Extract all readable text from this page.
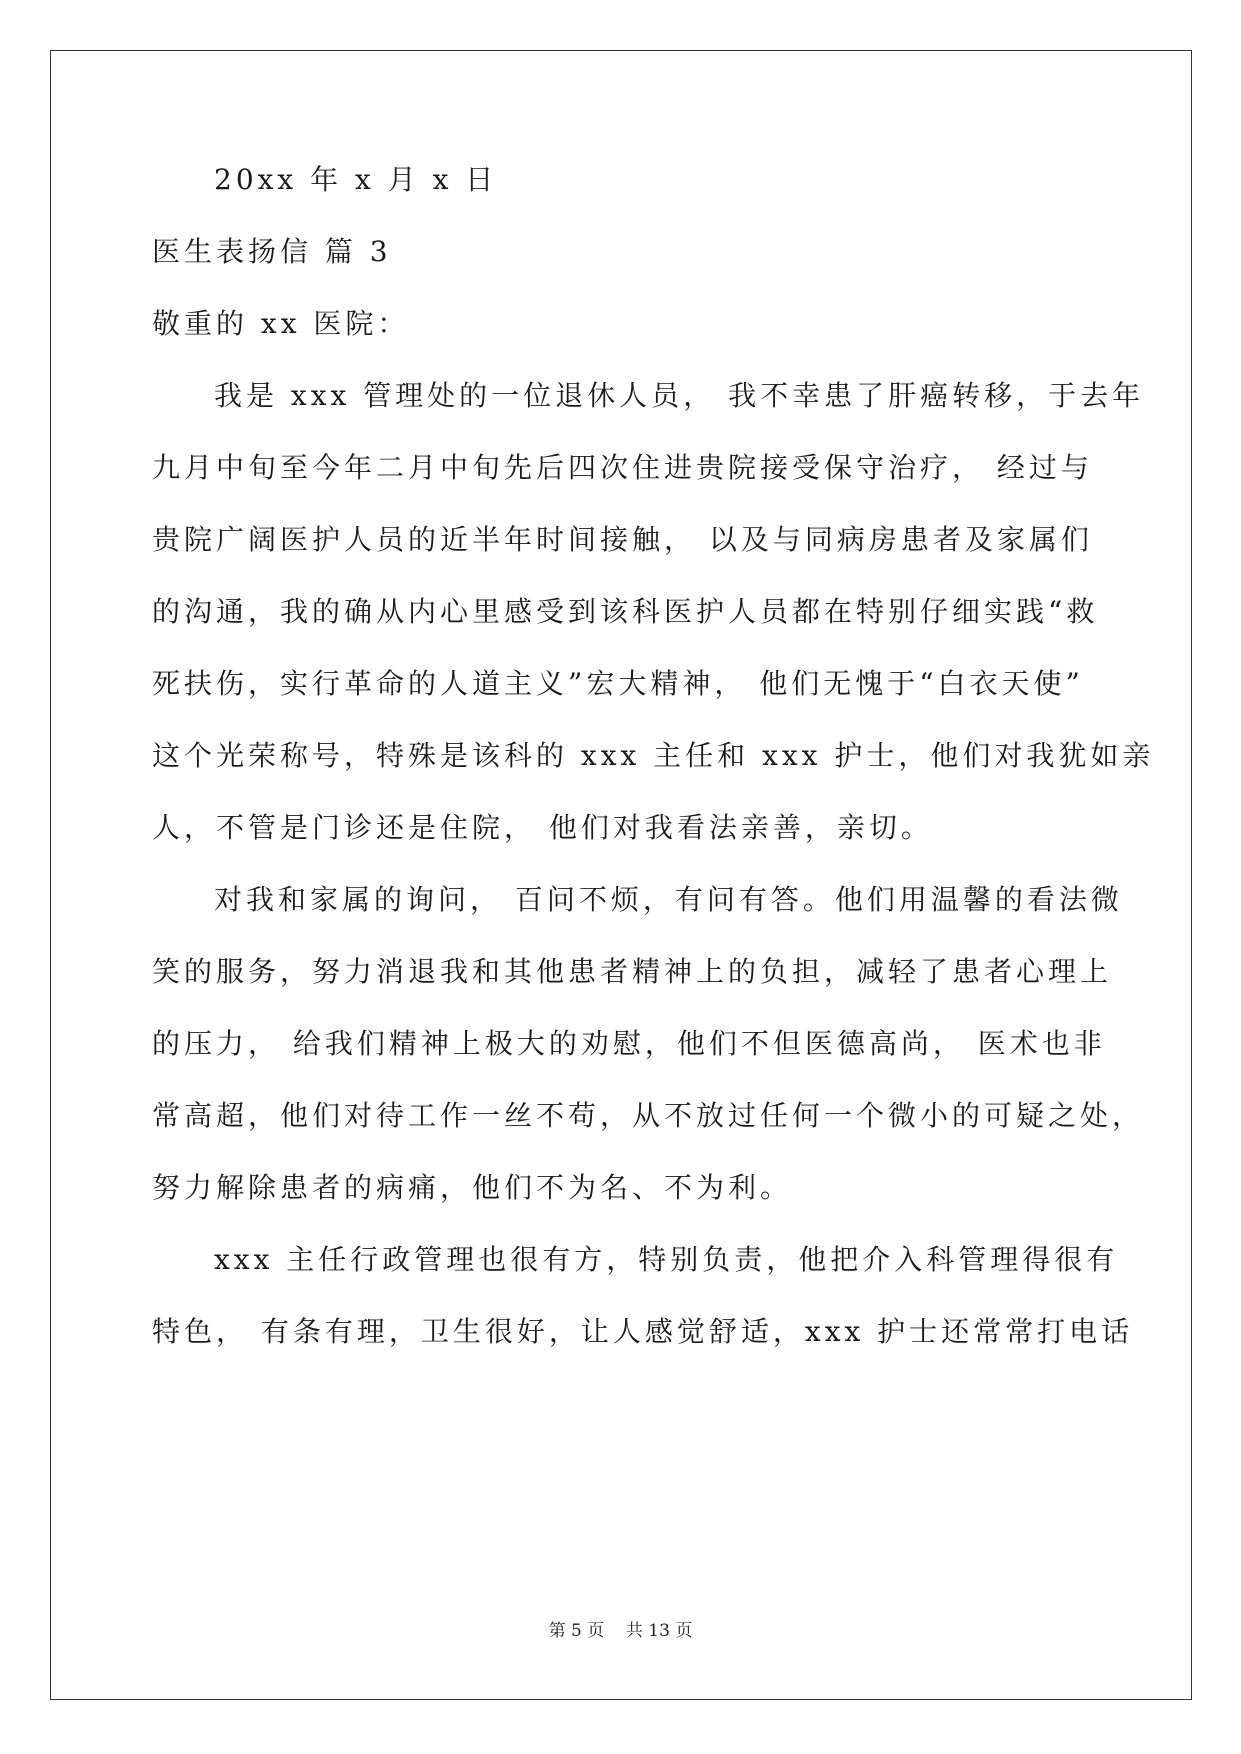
20xx 年 x 月 x 日
医生表扬信 篇 3
敬重的 xx 医院：
我是 xxx 管理处的一位退休人员， 我不幸患了肝癌转移，于去年
九月中旬至今年二月中旬先后四次住进贵院接受保守治疗， 经过与
贵院广阔医护人员的近半年时间接触， 以及与同病房患者及家属们
的沟通，我的确从内心里感受到该科医护人员都在特别仔细实践“救
死扶伤，实行革命的人道主义”宏大精神， 他们无愧于“白衣天使”
这个光荣称号，特殊是该科的 xxx 主任和 xxx 护士，他们对我犹如亲
人，不管是门诊还是住院， 他们对我看法亲善，亲切。
对我和家属的询问， 百问不烦，有问有答。他们用温馨的看法微
笑的服务，努力消退我和其他患者精神上的负担，减轻了患者心理上
的压力， 给我们精神上极大的劝慰，他们不但医德高尚， 医术也非
常高超，他们对待工作一丝不苟，从不放过任何一个微小的可疑之处，
努力解除患者的病痛，他们不为名、不为利。
xxx 主任行政管理也很有方，特别负责，他把介入科管理得很有
特色， 有条有理，卫生很好，让人感觉舒适，xxx 护士还常常打电话
第 5 页    共 13 页
